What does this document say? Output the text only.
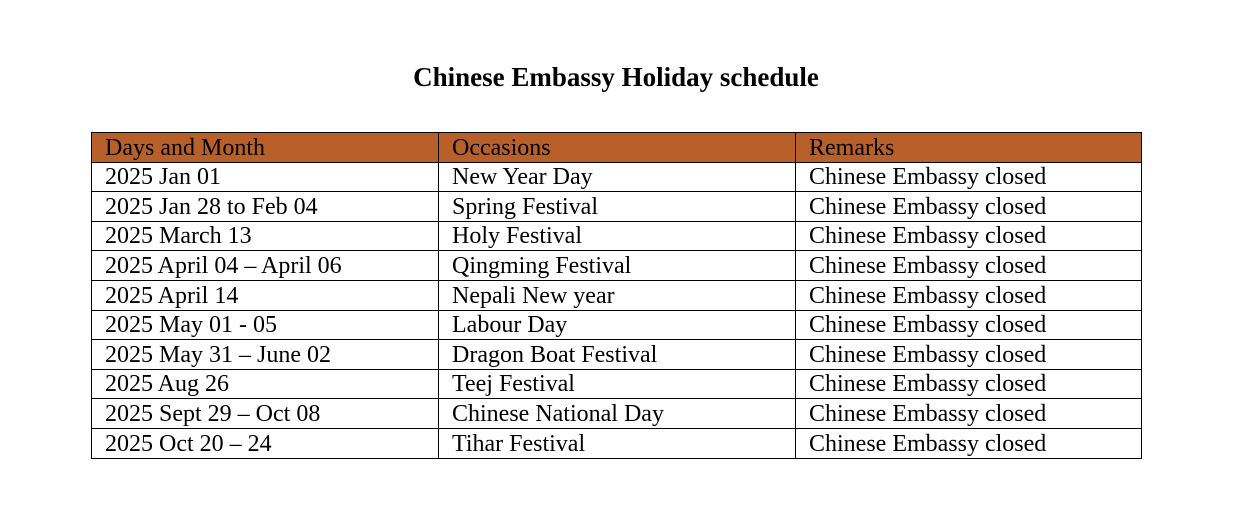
Chinese Embassy Holiday schedule
Days and Month	Occasions	Remarks
2025 Jan 01	New Year Day	Chinese Embassy closed
2025 Jan 28 to Feb 04	Spring Festival	Chinese Embassy closed
2025 March 13	Holy Festival	Chinese Embassy closed
2025 April 04 – April 06	Qingming Festival	Chinese Embassy closed
2025 April 14	Nepali New year	Chinese Embassy closed
2025 May 01 - 05	Labour Day	Chinese Embassy closed
2025 May 31 – June 02	Dragon Boat Festival	Chinese Embassy closed
2025 Aug 26	Teej Festival	Chinese Embassy closed
2025 Sept 29 – Oct 08	Chinese National Day	Chinese Embassy closed
2025 Oct 20 – 24	Tihar Festival	Chinese Embassy closed
